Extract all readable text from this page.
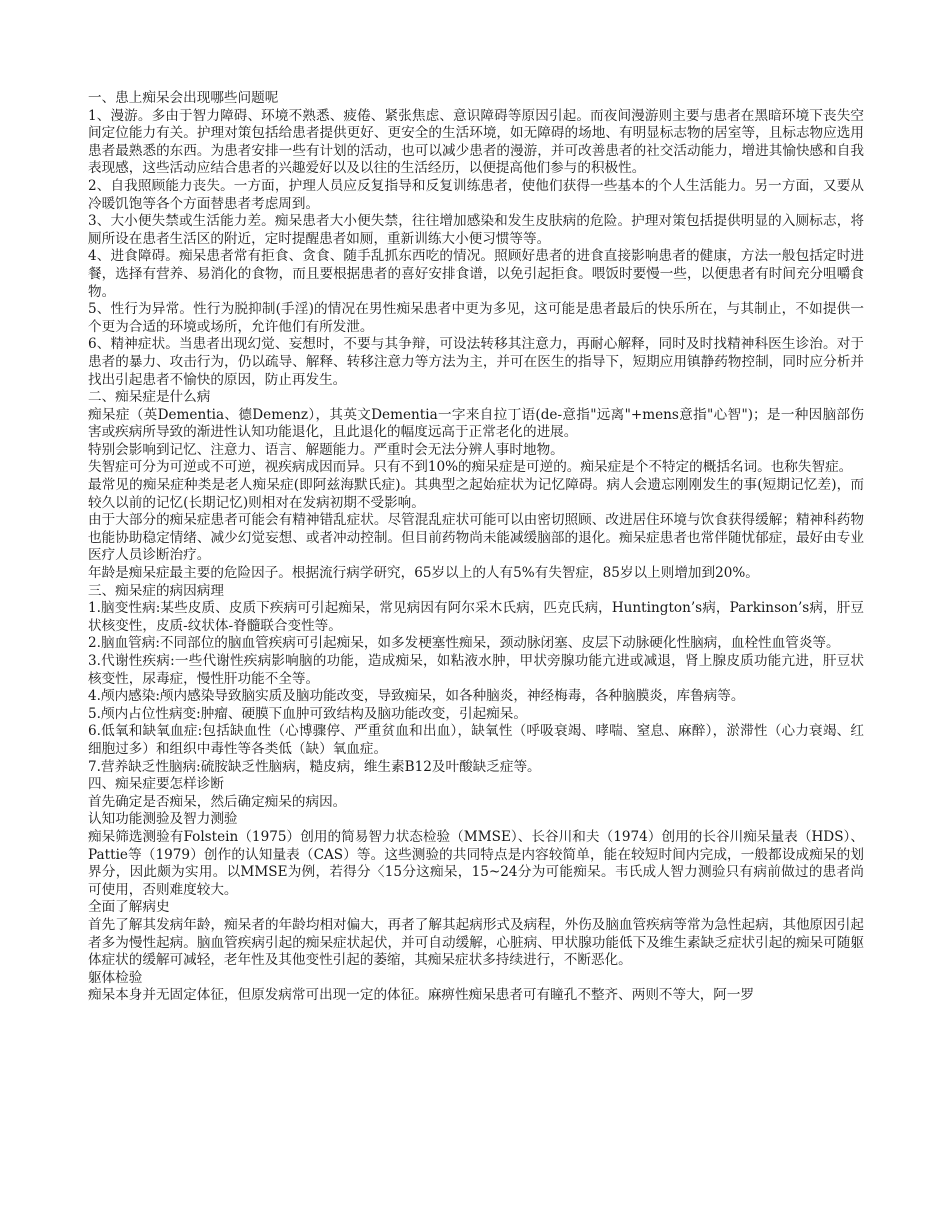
一、患上痴呆会出现哪些问题呢

1、漫游。多由于智力障碍、环境不熟悉、疲倦、紧张焦虑、意识障碍等原因引起。而夜间漫游则主要与患者在黑暗环境下丧失空间定位能力有关。护理对策包括给患者提供更好、更安全的生活环境，如无障碍的场地、有明显标志物的居室等，且标志物应选用患者最熟悉的东西。为患者安排一些有计划的活动，也可以减少患者的漫游，并可改善患者的社交活动能力，增进其愉快感和自我表现感，这些活动应结合患者的兴趣爱好以及以往的生活经历，以便提高他们参与的积极性。

2、自我照顾能力丧失。一方面，护理人员应反复指导和反复训练患者，使他们获得一些基本的个人生活能力。另一方面，又要从冷暖饥饱等各个方面替患者考虑周到。

3、大小便失禁或生活能力差。痴呆患者大小便失禁，往往增加感染和发生皮肤病的危险。护理对策包括提供明显的入厕标志，将厕所设在患者生活区的附近，定时提醒患者如厕，重新训练大小便习惯等等。

4、进食障碍。痴呆患者常有拒食、贪食、随手乱抓东西吃的情况。照顾好患者的进食直接影响患者的健康，方法一般包括定时进餐，选择有营养、易消化的食物，而且要根据患者的喜好安排食谱，以免引起拒食。喂饭时要慢一些，以便患者有时间充分咀嚼食物。

5、性行为异常。性行为脱抑制(手淫)的情况在男性痴呆患者中更为多见，这可能是患者最后的快乐所在，与其制止，不如提供一个更为合适的环境或场所，允许他们有所发泄。

6、精神症状。当患者出现幻觉、妄想时，不要与其争辩，可设法转移其注意力，再耐心解释，同时及时找精神科医生诊治。对于患者的暴力、攻击行为，仍以疏导、解释、转移注意力等方法为主，并可在医生的指导下，短期应用镇静药物控制，同时应分析并找出引起患者不愉快的原因，防止再发生。

二、痴呆症是什么病

痴呆症（英Dementia、德Demenz），其英文Dementia一字来自拉丁语(de-意指"远离"+mens意指"心智")；是一种因脑部伤害或疾病所导致的渐进性认知功能退化，且此退化的幅度远高于正常老化的进展。

特别会影响到记忆、注意力、语言、解题能力。严重时会无法分辨人事时地物。

失智症可分为可逆或不可逆，视疾病成因而异。只有不到10%的痴呆症是可逆的。痴呆症是个不特定的概括名词。也称失智症。

最常见的痴呆症种类是老人痴呆症(即阿兹海默氏症)。其典型之起始症状为记忆障碍。病人会遗忘刚刚发生的事(短期记忆差)，而较久以前的记忆(长期记忆)则相对在发病初期不受影响。

由于大部分的痴呆症患者可能会有精神错乱症状。尽管混乱症状可能可以由密切照顾、改进居住环境与饮食获得缓解；精神科药物也能协助稳定情绪、减少幻觉妄想、或者冲动控制。但目前药物尚未能减缓脑部的退化。痴呆症患者也常伴随忧郁症，最好由专业医疗人员诊断治疗。

年龄是痴呆症最主要的危险因子。根据流行病学研究，65岁以上的人有5%有失智症，85岁以上则增加到20%。

三、痴呆症的病因病理

1.脑变性病:某些皮质、皮质下疾病可引起痴呆，常见病因有阿尔采木氏病，匹克氏病，Huntington’s病，Parkinson’s病，肝豆状核变性，皮质-纹状体-脊髓联合变性等。

2.脑血管病:不同部位的脑血管疾病可引起痴呆，如多发梗塞性痴呆，颈动脉闭塞、皮层下动脉硬化性脑病，血栓性血管炎等。

3.代谢性疾病:一些代谢性疾病影响脑的功能，造成痴呆，如粘液水肿，甲状旁腺功能亢进或减退，肾上腺皮质功能亢进，肝豆状核变性，尿毒症，慢性肝功能不全等。

4.颅内感染:颅内感染导致脑实质及脑功能改变，导致痴呆，如各种脑炎，神经梅毒，各种脑膜炎，库鲁病等。

5.颅内占位性病变:肿瘤、硬膜下血肿可致结构及脑功能改变，引起痴呆。

6.低氧和缺氧血症:包括缺血性（心博骤停、严重贫血和出血），缺氧性（呼吸衰竭、哮喘、窒息、麻醉），淤滞性（心力衰竭、红细胞过多）和组织中毒性等各类低（缺）氧血症。

7.营养缺乏性脑病:硫胺缺乏性脑病，糙皮病，维生素B12及叶酸缺乏症等。

四、痴呆症要怎样诊断

首先确定是否痴呆，然后确定痴呆的病因。

认知功能测验及智力测验

痴呆筛选测验有Folstein（1975）创用的简易智力状态检验（MMSE）、长谷川和夫（1974）创用的长谷川痴呆量表（HDS）、Pattie等（1979）创作的认知量表（CAS）等。这些测验的共同特点是内容较简单，能在较短时间内完成，一般都设成痴呆的划界分，因此颇为实用。以MMSE为例，若得分〈15分这痴呆，15~24分为可能痴呆。韦氏成人智力测验只有病前做过的患者尚可使用，否则难度较大。

全面了解病史

首先了解其发病年龄，痴呆者的年龄均相对偏大，再者了解其起病形式及病程，外伤及脑血管疾病等常为急性起病，其他原因引起者多为慢性起病。脑血管疾病引起的痴呆症状起伏，并可自动缓解，心脏病、甲状腺功能低下及维生素缺乏症状引起的痴呆可随躯体症状的缓解可减轻，老年性及其他变性引起的萎缩，其痴呆症状多持续进行，不断恶化。

躯体检验

痴呆本身并无固定体征，但原发病常可出现一定的体征。麻痹性痴呆患者可有瞳孔不整齐、两则不等大，阿一罗
